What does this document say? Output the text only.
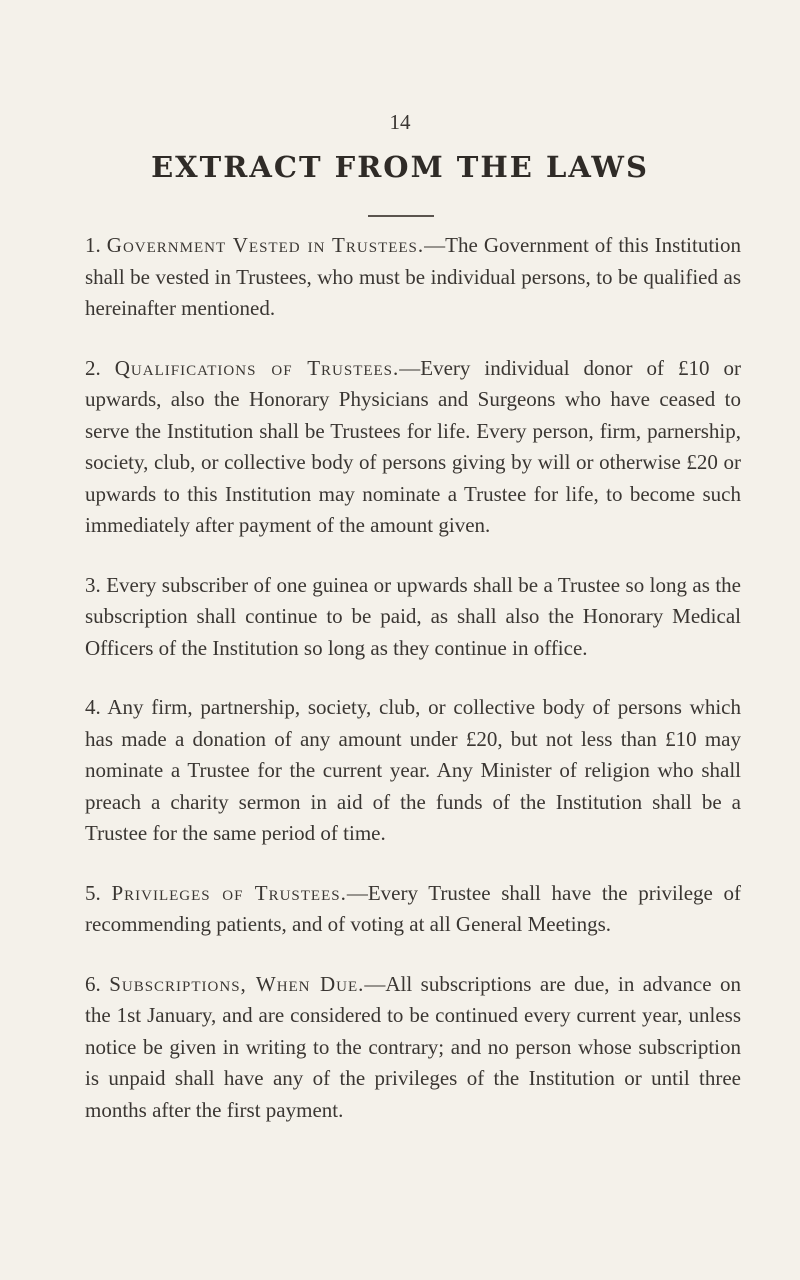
14
EXTRACT FROM THE LAWS

1. Government Vested in Trustees.—The Government of this Institution shall be vested in Trustees, who must be individual persons, to be qualified as hereinafter mentioned.

2. Qualifications of Trustees.—Every individual donor of £10 or upwards, also the Honorary Physicians and Surgeons who have ceased to serve the Institution shall be Trustees for life. Every person, firm, parnership, society, club, or collective body of persons giving by will or otherwise £20 or upwards to this Institution may nominate a Trustee for life, to become such immediately after payment of the amount given.

3. Every subscriber of one guinea or upwards shall be a Trustee so long as the subscription shall continue to be paid, as shall also the Honorary Medical Officers of the Institution so long as they continue in office.

4. Any firm, partnership, society, club, or collective body of persons which has made a donation of any amount under £20, but not less than £10 may nominate a Trustee for the current year. Any Minister of religion who shall preach a charity sermon in aid of the funds of the Institution shall be a Trustee for the same period of time.

5. Privileges of Trustees.—Every Trustee shall have the privilege of recommending patients, and of voting at all General Meetings.

6. Subscriptions, When Due.—All subscriptions are due, in advance on the 1st January, and are considered to be continued every current year, unless notice be given in writing to the contrary; and no person whose subscription is unpaid shall have any of the privileges of the Institution or until three months after the first payment.
